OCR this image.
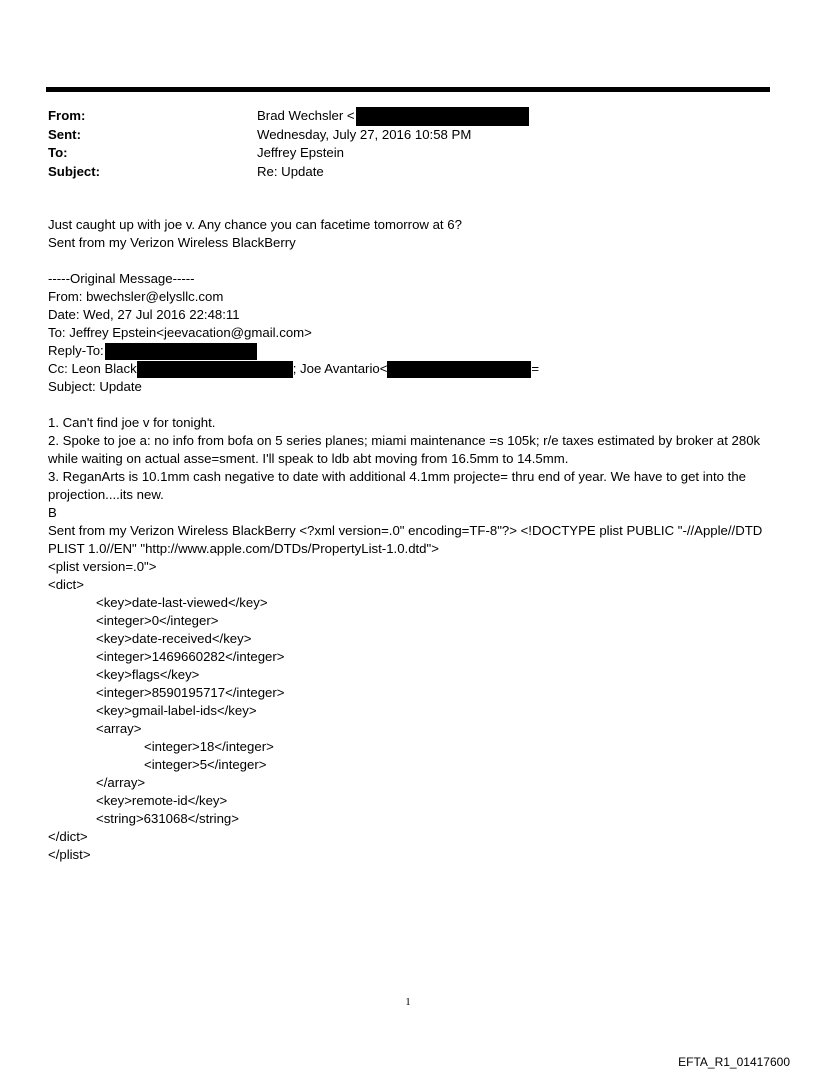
From:	Brad Wechsler <
Sent:	Wednesday, July 27, 2016 10:58 PM
To:	Jeffrey Epstein
Subject:	Re: Update
Just caught up with joe v. Any chance you can facetime tomorrow at 6?
Sent from my Verizon Wireless BlackBerry
-----Original Message-----
From: bwechsler@elysllc.com
Date: Wed, 27 Jul 2016 22:48:11
To: Jeffrey Epstein<jeevacation@gmail.com>
Reply-To:
Cc: Leon Black	; Joe Avantario<	=
Subject: Update
1. Can't find joe v for tonight.
2. Spoke to joe a: no info from bofa on 5 series planes; miami maintenance =s 105k; r/e taxes estimated by broker at 280k while waiting on actual asse=sment. I'll speak to ldb abt moving from 16.5mm to 14.5mm.
3. ReganArts is 10.1mm cash negative to date with additional 4.1mm projecte= thru end of year. We have to get into the projection....its new.
B
Sent from my Verizon Wireless BlackBerry <?xml version=.0" encoding=TF-8"?> <!DOCTYPE plist PUBLIC "-//Apple//DTD PLIST 1.0//EN" "http://www.apple.com/DTDs/PropertyList-1.0.dtd">
<plist version=.0">
<dict>
<key>date-last-viewed</key>
<integer>0</integer>
<key>date-received</key>
<integer>1469660282</integer>
<key>flags</key>
<integer>8590195717</integer>
<key>gmail-label-ids</key>
<array>
<integer>18</integer>
<integer>5</integer>
</array>
<key>remote-id</key>
<string>631068</string>
</dict>
</plist>
1
EFTA_R1_01417600
